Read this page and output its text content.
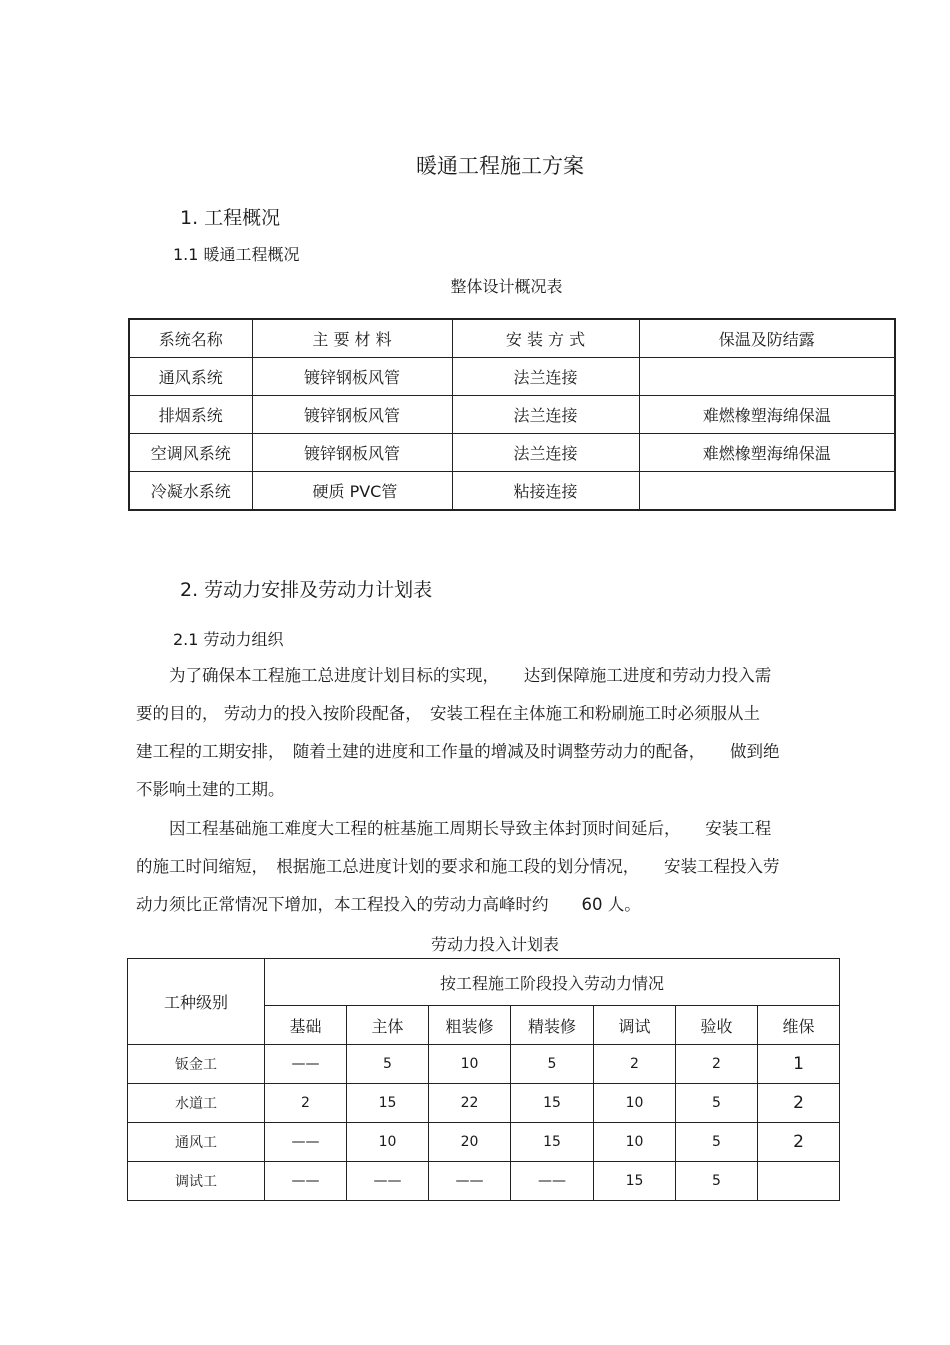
暖通工程施工方案
1. 工程概况
1.1 暖通工程概况
整体设计概况表
系统名称	主 要 材 料	安 装 方 式	保温及防结露
通风系统	镀锌钢板风管	法兰连接	
排烟系统	镀锌钢板风管	法兰连接	难燃橡塑海绵保温
空调风系统	镀锌钢板风管	法兰连接	难燃橡塑海绵保温
冷凝水系统	硬质 PVC管	粘接连接	
2. 劳动力安排及劳动力计划表
2.1 劳动力组织
　　为了确保本工程施工总进度计划目标的实现，　　达到保障施工进度和劳动力投入需
要的目的， 劳动力的投入按阶段配备，　安装工程在主体施工和粉刷施工时必须服从土
建工程的工期安排，　随着土建的进度和工作量的增减及时调整劳动力的配备，　　做到绝
不影响土建的工期。
　　因工程基础施工难度大工程的桩基施工周期长导致主体封顶时间延后，　　安装工程
的施工时间缩短，　根据施工总进度计划的要求和施工段的划分情况，　　安装工程投入劳
动力须比正常情况下增加，本工程投入的劳动力高峰时约　　60 人。
劳动力投入计划表
工种级别	按工程施工阶段投入劳动力情况						
	基础	主体	粗装修	精装修	调试	验收	维保
钣金工	——	5	10	5	2	2	1
水道工	2	15	22	15	10	5	2
通风工	——	10	20	15	10	5	2
调试工	——	——	——	——	15	5	
